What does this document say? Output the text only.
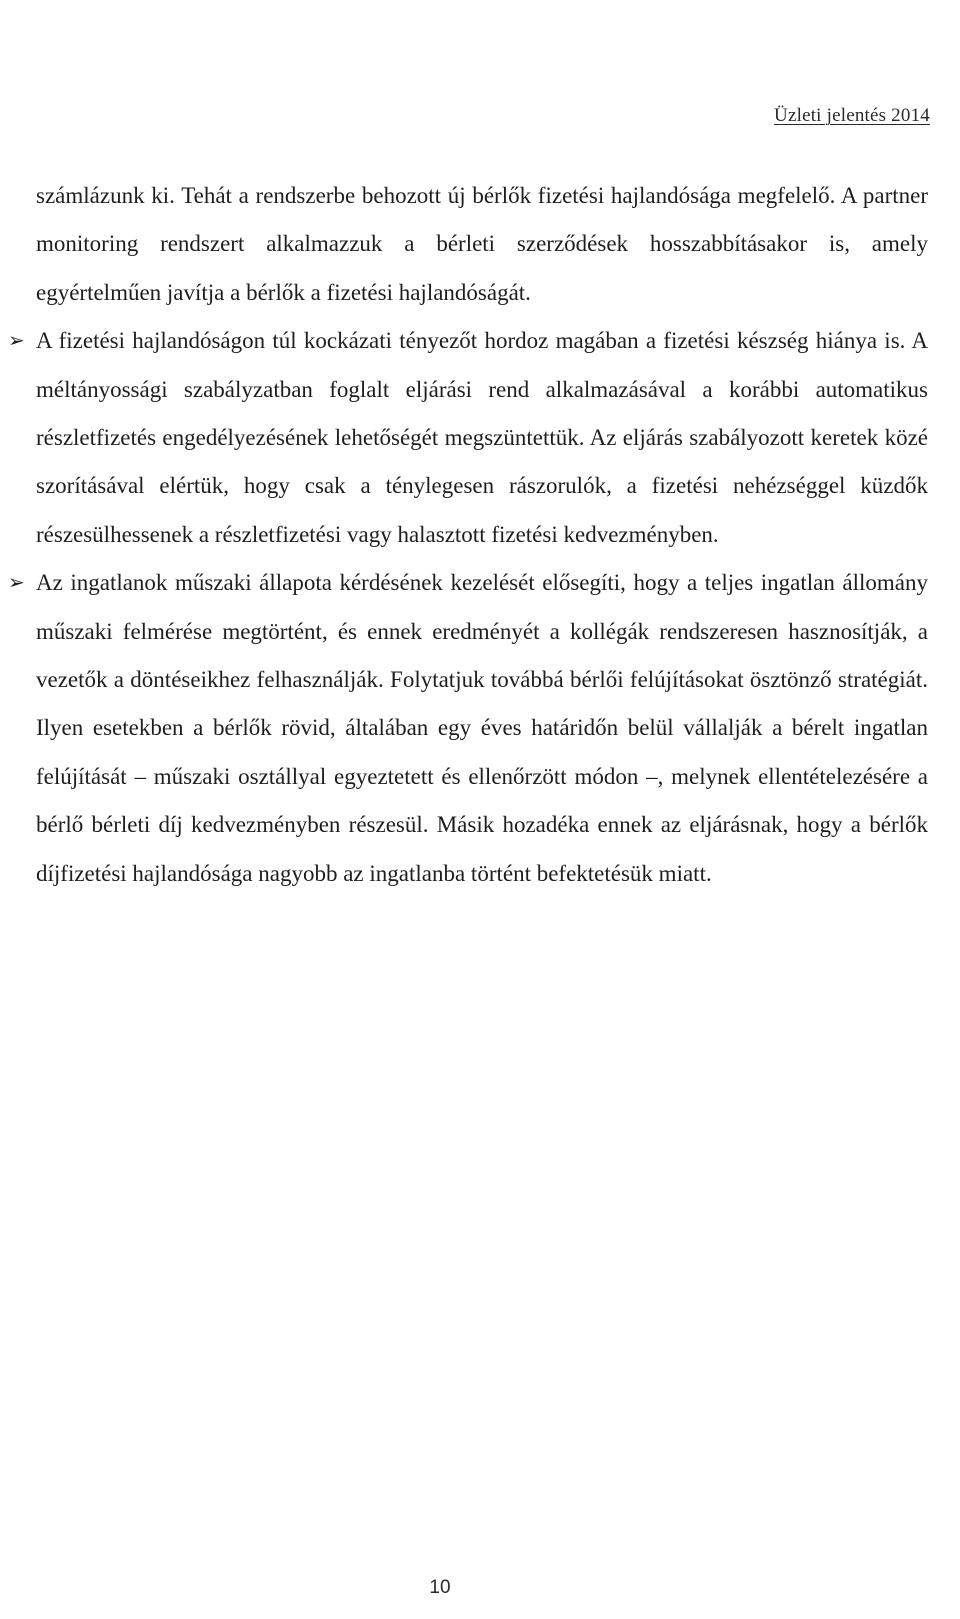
Üzleti jelentés 2014

számlázunk ki. Tehát a rendszerbe behozott új bérlők fizetési hajlandósága megfelelő. A partner monitoring rendszert alkalmazzuk a bérleti szerződések hosszabbításakor is, amely egyértelműen javítja a bérlők a fizetési hajlandóságát.

➢ A fizetési hajlandóságon túl kockázati tényezőt hordoz magában a fizetési készség hiánya is. A méltányossági szabályzatban foglalt eljárási rend alkalmazásával a korábbi automatikus részletfizetés engedélyezésének lehetőségét megszüntettük. Az eljárás szabályozott keretek közé szorításával elértük, hogy csak a ténylegesen rászorulók, a fizetési nehézséggel küzdők részesülhessenek a részletfizetési vagy halasztott fizetési kedvezményben.

➢ Az ingatlanok műszaki állapota kérdésének kezelését elősegíti, hogy a teljes ingatlan állomány műszaki felmérése megtörtént, és ennek eredményét a kollégák rendszeresen hasznosítják, a vezetők a döntéseikhez felhasználják. Folytatjuk továbbá bérlői felújításokat ösztönző stratégiát. Ilyen esetekben a bérlők rövid, általában egy éves határidőn belül vállalják a bérelt ingatlan felújítását – műszaki osztállyal egyeztetett és ellenőrzött módon –, melynek ellentételezésére a bérlő bérleti díj kedvezményben részesül. Másik hozadéka ennek az eljárásnak, hogy a bérlők díjfizetési hajlandósága nagyobb az ingatlanba történt befektetésük miatt.

10
